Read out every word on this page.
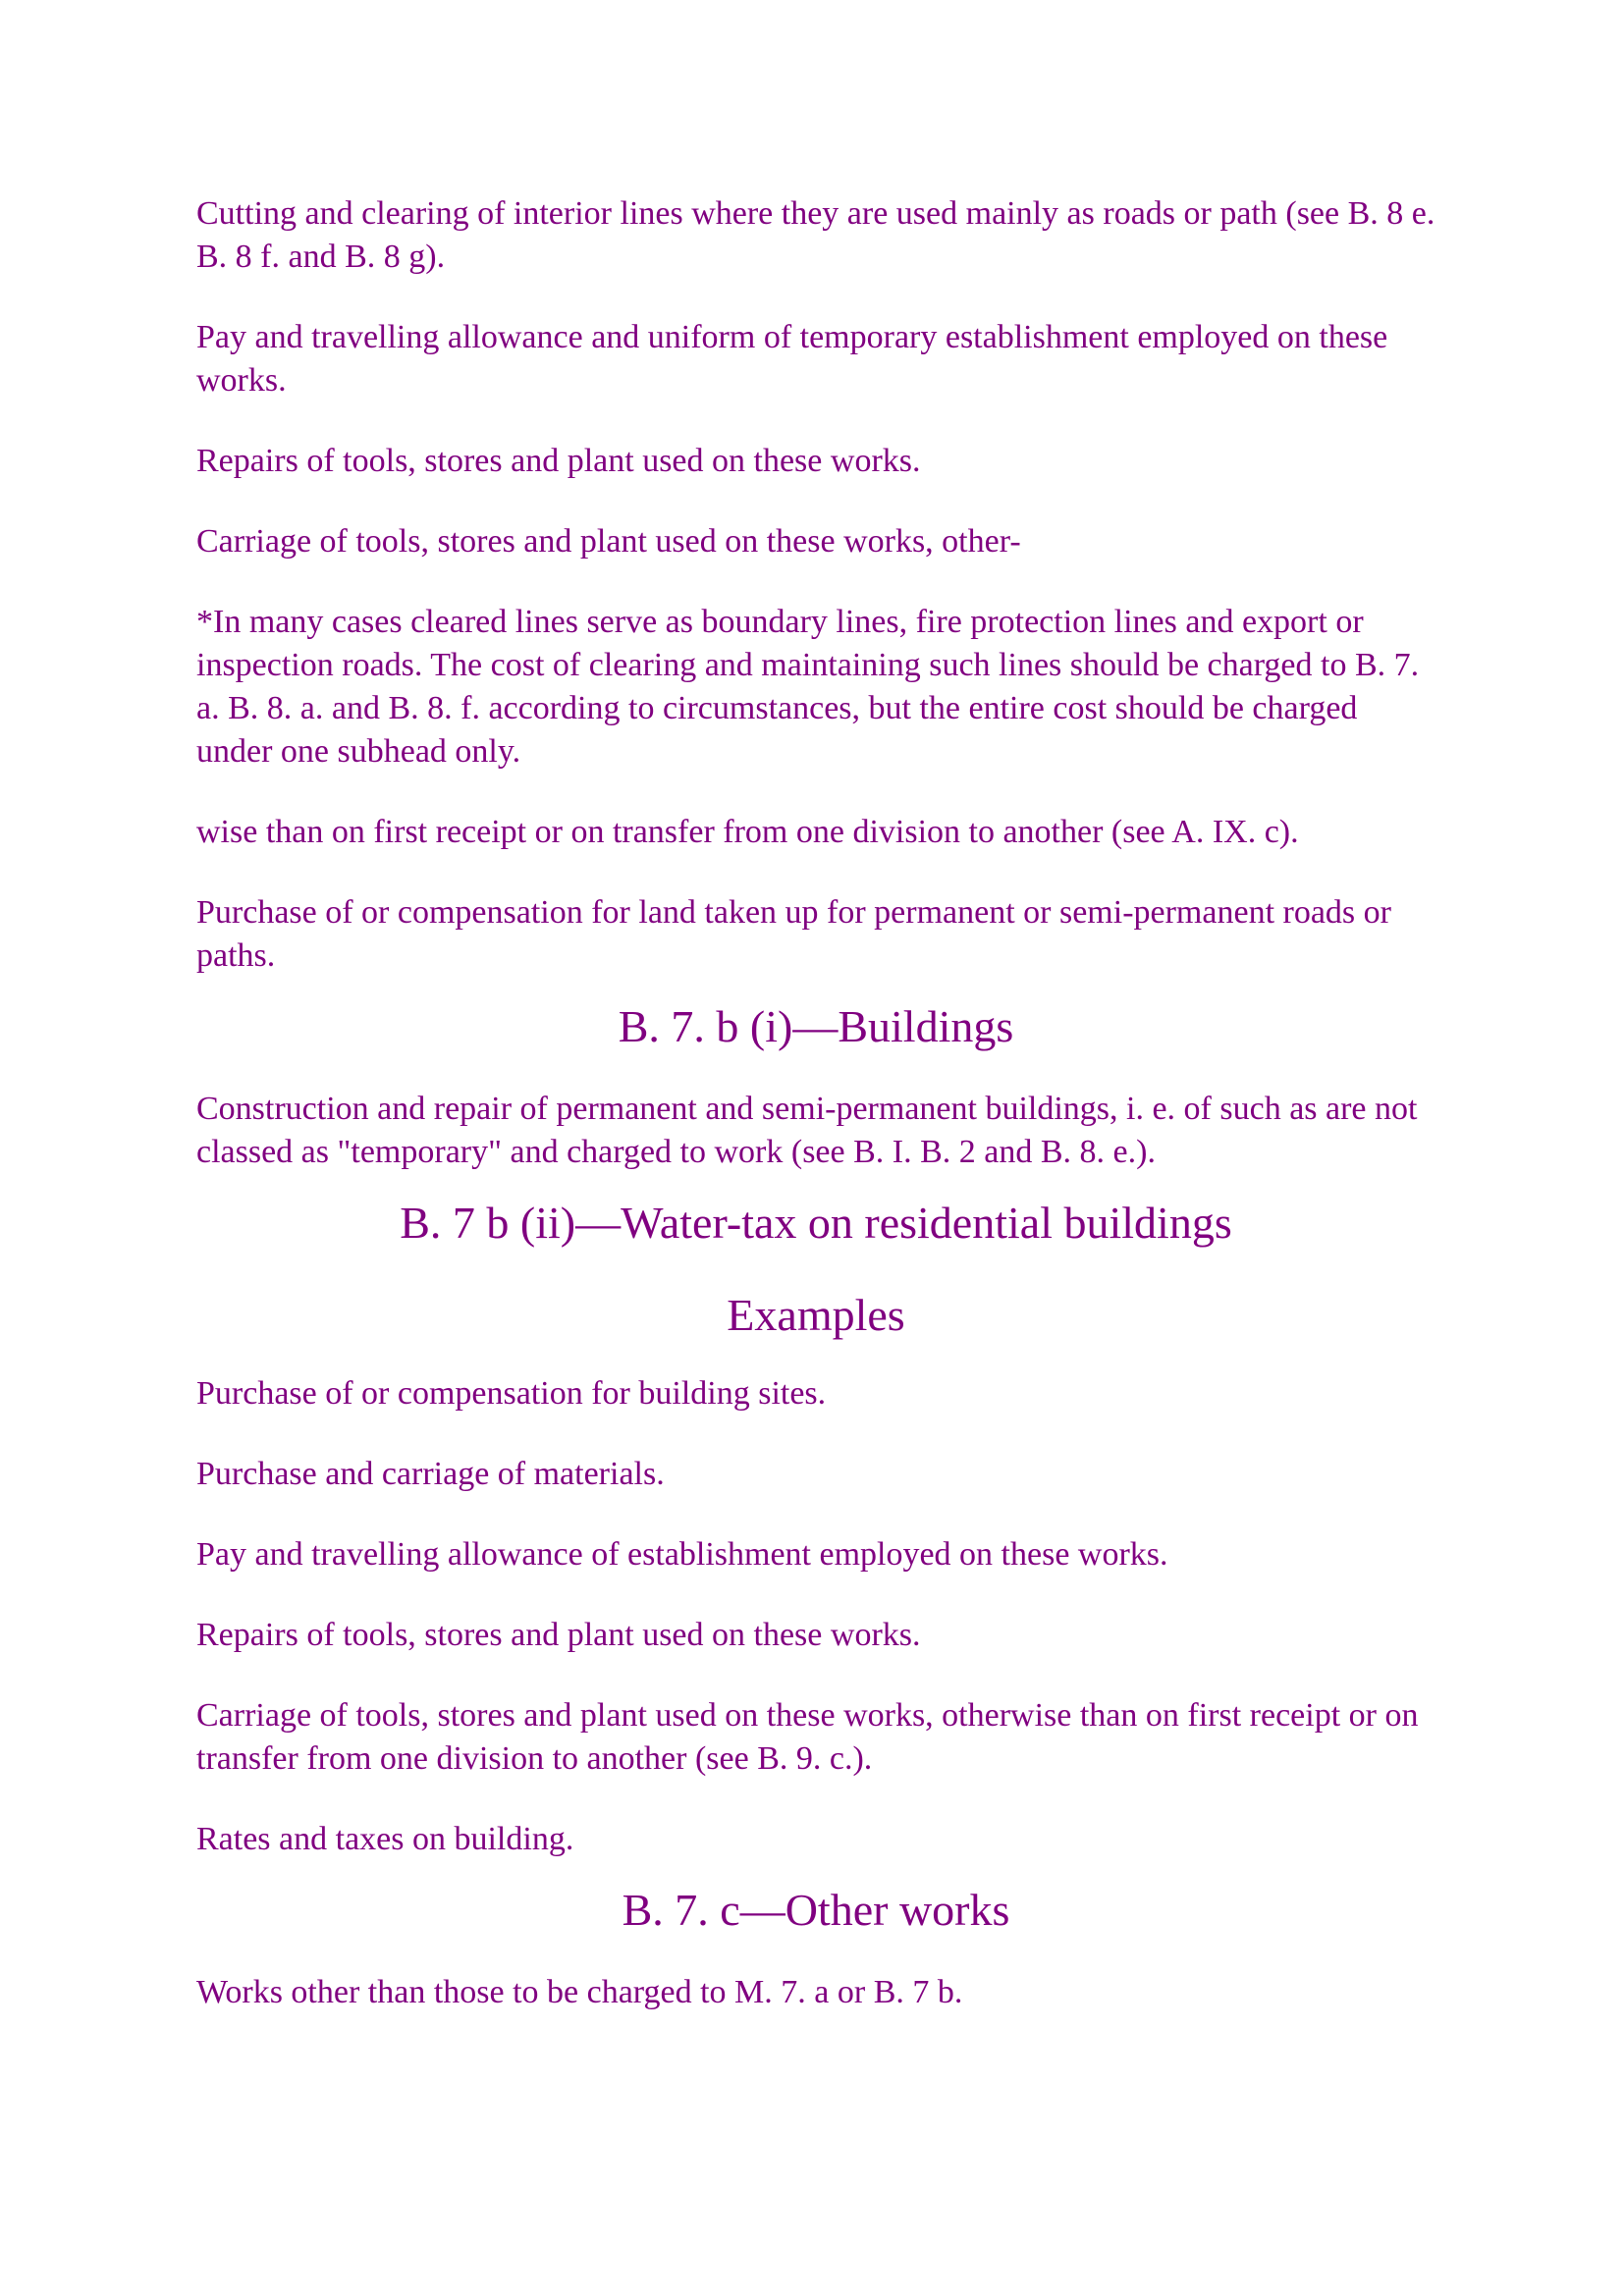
Cutting and clearing of interior lines where they are used mainly as roads or path (see B. 8 e. B. 8 f. and B. 8 g).

Pay and travelling allowance and uniform of temporary establishment employed on these works.

Repairs of tools, stores and plant used on these works.

Carriage of tools, stores and plant used on these works, other-

*In many cases cleared lines serve as boundary lines, fire protection lines and export or inspection roads. The cost of clearing and maintaining such lines should be charged to B. 7. a. B. 8. a. and B. 8. f. according to circumstances, but the entire cost should be charged under one subhead only.

wise than on first receipt or on transfer from one division to another (see A. IX. c).

Purchase of or compensation for land taken up for permanent or semi-permanent roads or paths.

B. 7. b (i)—Buildings

Construction and repair of permanent and semi-permanent buildings, i. e. of such as are not classed as "temporary" and charged to work (see B. I. B. 2 and B. 8. e.).

B. 7 b (ii)—Water-tax on residential buildings
Examples

Purchase of or compensation for building sites.

Purchase and carriage of materials.

Pay and travelling allowance of establishment employed on these works.

Repairs of tools, stores and plant used on these works.

Carriage of tools, stores and plant used on these works, otherwise than on first receipt or on transfer from one division to another (see B. 9. c.).

Rates and taxes on building.

B. 7. c—Other works

Works other than those to be charged to M. 7. a or B. 7 b.
